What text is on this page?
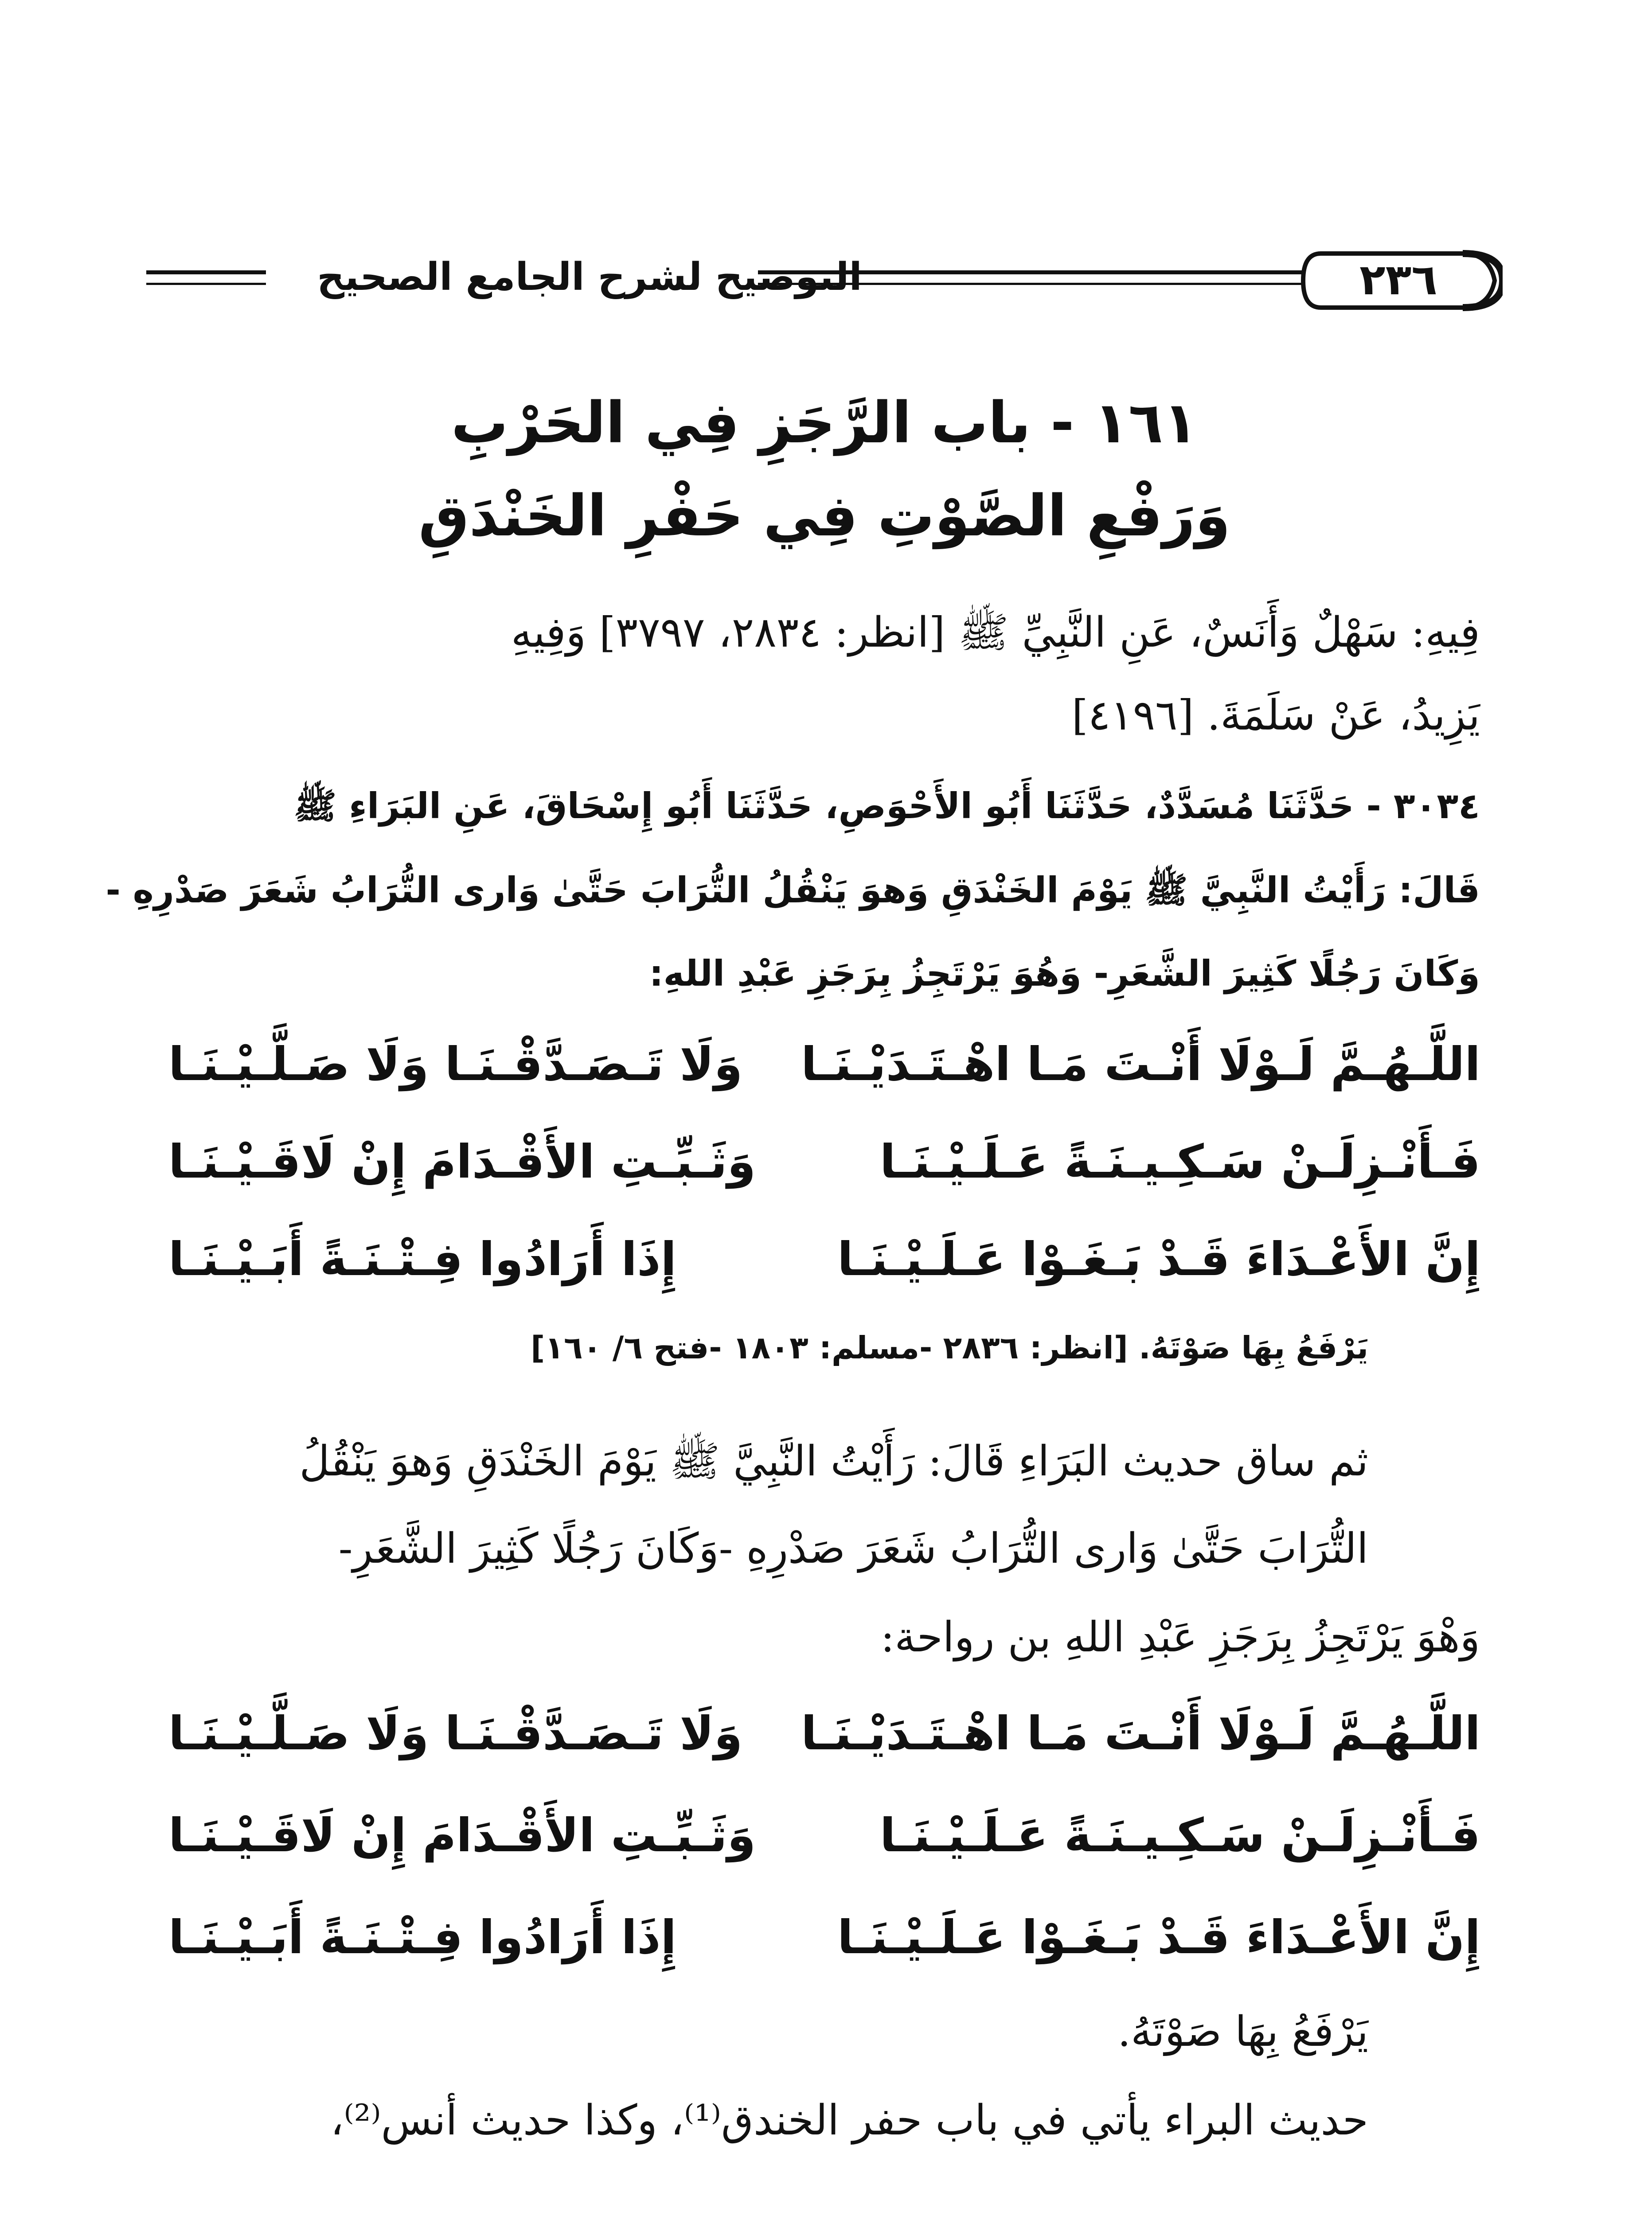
التوضيح لشرح الجامع الصحيح	٢٣٦
١٦١ - باب الرَّجَزِ فِي الحَرْبِ
وَرَفْعِ الصَّوْتِ فِي حَفْرِ الخَنْدَقِ
فِيهِ: سَهْلٌ وَأَنَسٌ، عَنِ النَّبِيِّ ﷺ [انظر: ٢٨٣٤، ٣٧٩٧] وَفِيهِ
يَزِيدُ، عَنْ سَلَمَةَ. [٤١٩٦]
٣٠٣٤ - حَدَّثَنَا مُسَدَّدٌ، حَدَّثَنَا أَبُو الأَحْوَصِ، حَدَّثَنَا أَبُو إِسْحَاقَ، عَنِ البَرَاءِ ﷺ
قَالَ: رَأَيْتُ النَّبِيَّ ﷺ يَوْمَ الخَنْدَقِ وَهوَ يَنْقُلُ التُّرَابَ حَتَّىٰ وَارى التُّرَابُ شَعَرَ صَدْرِهِ -
وَكَانَ رَجُلًا كَثِيرَ الشَّعَرِ- وَهُوَ يَرْتَجِزُ بِرَجَزِ عَبْدِ اللهِ:
اللَّـهُـمَّ لَـوْلَا أَنْـتَ مَـا اهْـتَـدَيْـنَـا
وَلَا تَـصَـدَّقْـنَـا وَلَا صَـلَّـيْـنَـا
فَـأَنْـزِلَـنْ سَـكِـيـنَـةً عَـلَـيْـنَـا
وَثَـبِّـتِ الأَقْـدَامَ إِنْ لَاقَـيْـنَـا
إِنَّ الأَعْـدَاءَ قَـدْ بَـغَـوْا عَـلَـيْـنَـا
إِذَا أَرَادُوا فِـتْـنَـةً أَبَـيْـنَـا
يَرْفَعُ بِهَا صَوْتَهُ. [انظر: ٢٨٣٦ -مسلم: ١٨٠٣ -فتح ٦/ ١٦٠]
ثم ساق حديث البَرَاءِ قَالَ: رَأَيْتُ النَّبِيَّ ﷺ يَوْمَ الخَنْدَقِ وَهوَ يَنْقُلُ
التُّرَابَ حَتَّىٰ وَارى التُّرَابُ شَعَرَ صَدْرِهِ -وَكَانَ رَجُلًا كَثِيرَ الشَّعَرِ-
وَهْوَ يَرْتَجِزُ بِرَجَزِ عَبْدِ اللهِ بن رواحة:
اللَّـهُـمَّ لَـوْلَا أَنْـتَ مَـا اهْـتَـدَيْـنَـا
وَلَا تَـصَـدَّقْـنَـا وَلَا صَـلَّـيْـنَـا
فَـأَنْـزِلَـنْ سَـكِـيـنَـةً عَـلَـيْـنَـا
وَثَـبِّـتِ الأَقْـدَامَ إِنْ لَاقَـيْـنَـا
إِنَّ الأَعْـدَاءَ قَـدْ بَـغَـوْا عَـلَـيْـنَـا
إِذَا أَرَادُوا فِـتْـنَـةً أَبَـيْـنَـا
يَرْفَعُ بِهَا صَوْتَهُ.
حديث البراء يأتي في باب حفر الخندق⁽¹⁾، وكذا حديث أنس⁽²⁾،
